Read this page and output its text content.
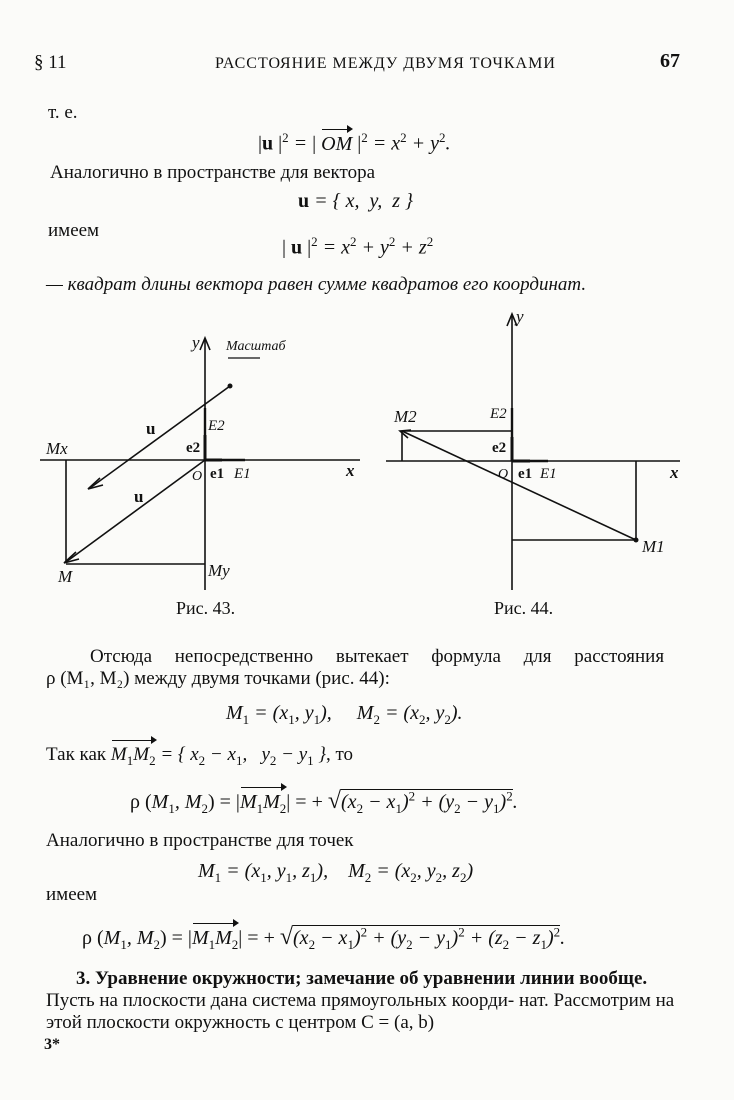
§ 11	РАССТОЯНИЕ МЕЖДУ ДВУМЯ ТОЧКАМИ	67
т. е.
|u $|^2$ = | OM $|^2 = x^2 + y^2$.
Аналогично в пространстве для вектора
u = { x,  y,  z }
имеем
| u $|^2 = x^2 + y^2 + z^2$
— квадрат длины вектора равен сумме квадратов его координат.
y Масштаб
x
O
Mx
My
M
u
u
E2
e2
e1 E1
Рис. 43.
y
x
O
M2
M1
E2
e2
e1 E1
Рис. 44.
Отсюда непосредственно вытекает формула для расстояния
ρ (M₁, M₂) между двумя точками (рис. 44):
$M_1 = (x_1$, $y_1$),     $M_2 = (x_2$, $y_2$).
Так как $M_1M_2$ = { $x_2 - x_1$,   $y_2 - y_1$ }, то
ρ ($M_1$, $M_2) = |M_1M_2|$ = + $√(x_2 - x_1)^2 + (y_2 - y_1)^2$.
Аналогично в пространстве для точек
$M_1 = (x_1$, $y_1$, $z_1$),    $M_2 = (x_2$, $y_2$, $z_2$)
имеем
ρ ($M_1$, $M_2) = |M_1M_2|$ = + $√(x_2 - x_1)^2 + (y_2 - y_1)^2 + (z_2 - z_1)^2$.
3. Уравнение окружности; замечание об уравнении линии вообще. Пусть на плоскости дана система прямоугольных коорди- нат. Рассмотрим на этой плоскости окружность с центром C = (a, b)
3*
